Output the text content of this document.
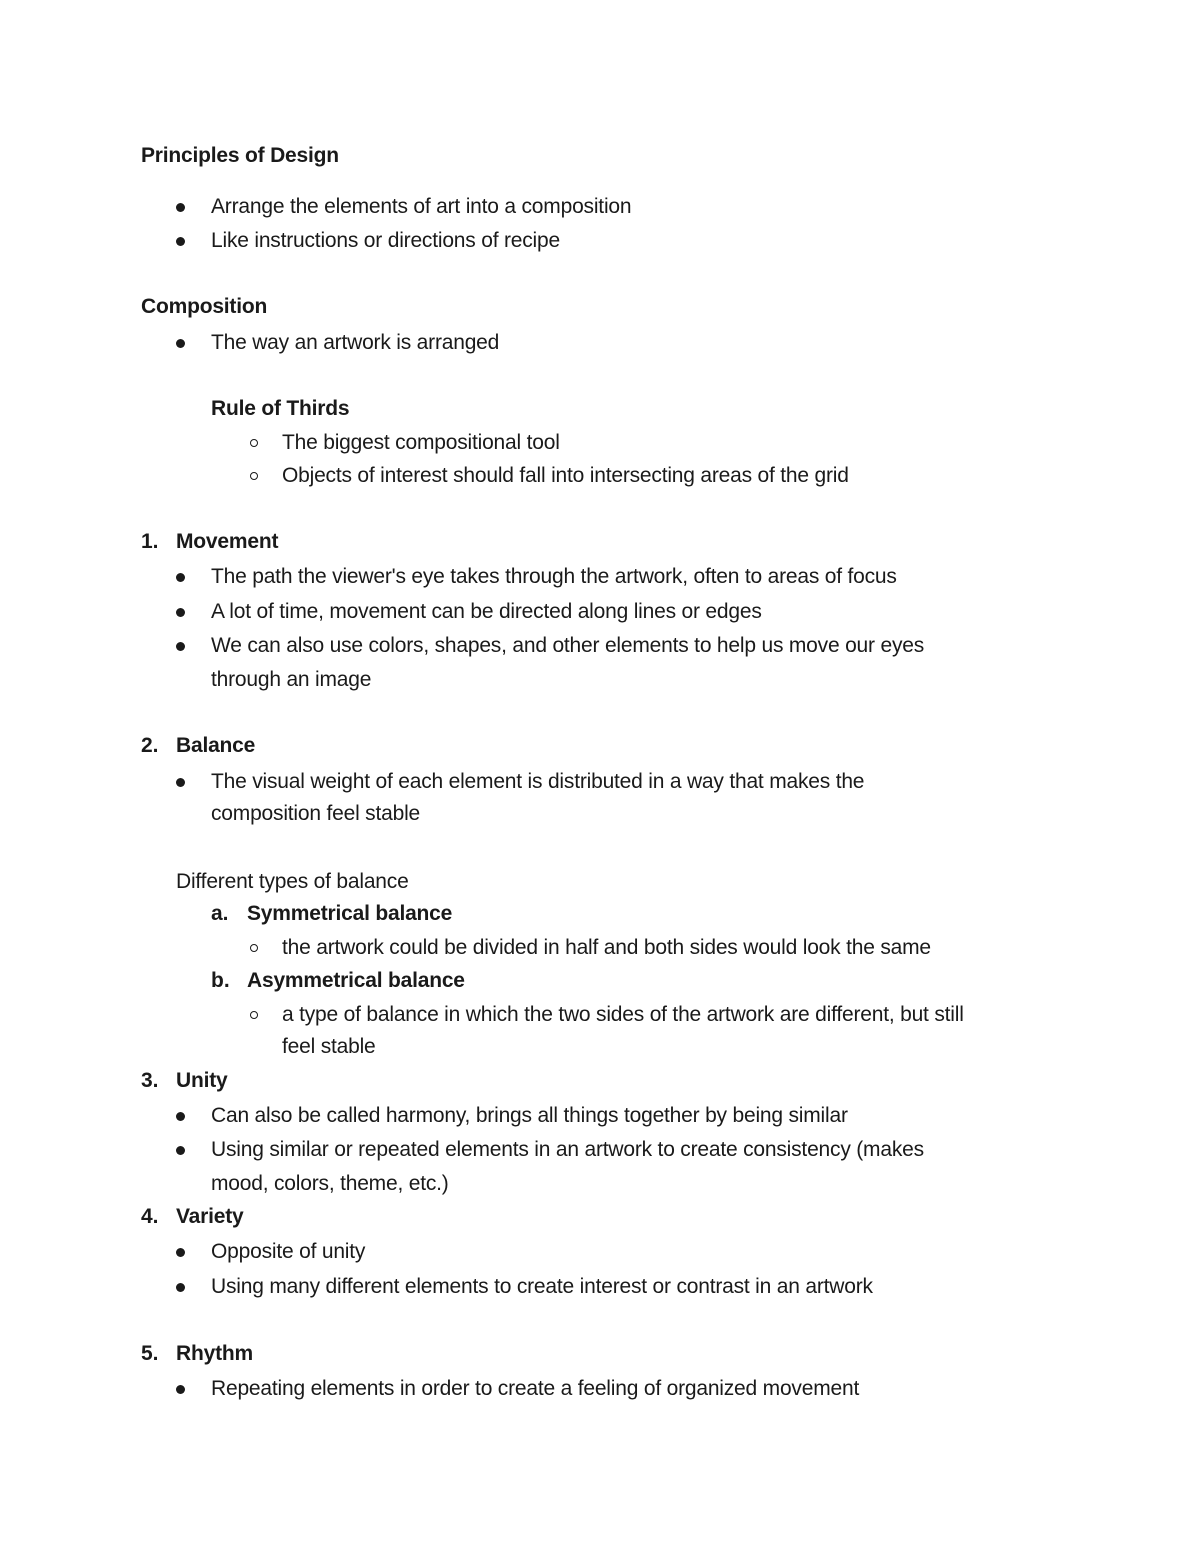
Principles of Design
Arrange the elements of art into a composition
Like instructions or directions of recipe
Composition
The way an artwork is arranged
Rule of Thirds
The biggest compositional tool
Objects of interest should fall into intersecting areas of the grid
1. Movement
The path the viewer's eye takes through the artwork, often to areas of focus
A lot of time, movement can be directed along lines or edges
We can also use colors, shapes, and other elements to help us move our eyes
through an image
2. Balance
The visual weight of each element is distributed in a way that makes the
composition feel stable
Different types of balance
a. Symmetrical balance
the artwork could be divided in half and both sides would look the same
b. Asymmetrical balance
a type of balance in which the two sides of the artwork are different, but still
feel stable
3. Unity
Can also be called harmony, brings all things together by being similar
Using similar or repeated elements in an artwork to create consistency (makes
mood, colors, theme, etc.)
4. Variety
Opposite of unity
Using many different elements to create interest or contrast in an artwork
5. Rhythm
Repeating elements in order to create a feeling of organized movement
